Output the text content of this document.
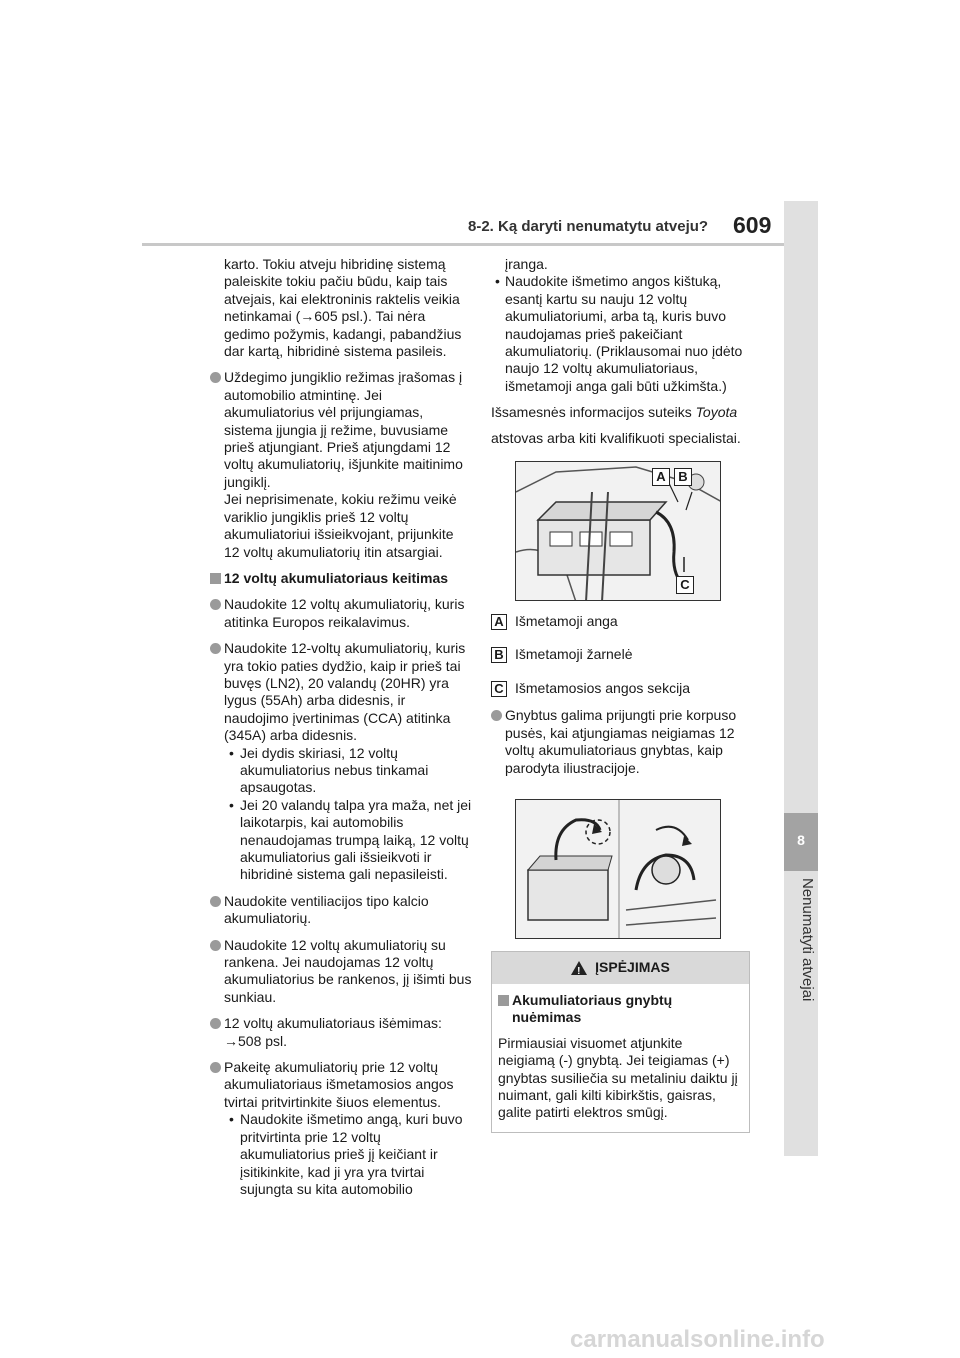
8-2. Ką daryti nenumatytu atveju? 609
8
Nenumatyti atvejai
karto. Tokiu atveju hibridinę sistemą paleiskite tokiu pačiu būdu, kaip tais atvejais, kai elektroninis raktelis veikia netinkamai (→605 psl.). Tai nėra gedimo požymis, kadangi, pabandžius dar kartą, hibridinė sistema pasileis.
Uždegimo jungiklio režimas įrašomas į automobilio atmintinę. Jei akumuliatorius vėl prijungiamas, sistema įjungia jį režime, buvusiame prieš atjungiant. Prieš atjungdami 12 voltų akumuliatorių, išjunkite maitinimo jungiklį.
Jei neprisimenate, kokiu režimu veikė variklio jungiklis prieš 12 voltų akumuliatoriui išsieikvojant, prijunkite 12 voltų akumuliatorių itin atsargiai.
12 voltų akumuliatoriaus keitimas
Naudokite 12 voltų akumuliatorių, kuris atitinka Europos reikalavimus.
Naudokite 12-voltų akumuliatorių, kuris yra tokio paties dydžio, kaip ir prieš tai buvęs (LN2), 20 valandų (20HR) yra lygus (55Ah) arba didesnis, ir naudojimo įvertinimas (CCA) atitinka (345A) arba didesnis.
• Jei dydis skiriasi, 12 voltų akumuliatorius nebus tinkamai apsaugotas.
• Jei 20 valandų talpa yra maža, net jei laikotarpis, kai automobilis nenaudojamas trumpą laiką, 12 voltų akumuliatorius gali išsieikvoti ir hibridinė sistema gali nepasileisti.
Naudokite ventiliacijos tipo kalcio akumuliatorių.
Naudokite 12 voltų akumuliatorių su rankena. Jei naudojamas 12 voltų akumuliatorius be rankenos, jį išimti bus sunkiau.
12 voltų akumuliatoriaus išėmimas: →508 psl.
Pakeitę akumuliatorių prie 12 voltų akumuliatoriaus išmetamosios angos tvirtai pritvirtinkite šiuos elementus.
• Naudokite išmetimo angą, kuri buvo pritvirtinta prie 12 voltų akumuliatorius prieš jį keičiant ir įsitikinkite, kad ji yra yra tvirtai sujungta su kita automobilio
įranga.
• Naudokite išmetimo angos kištuką, esantį kartu su nauju 12 voltų akumuliatoriumi, arba tą, kuris buvo naudojamas prieš pakeičiant akumuliatorių. (Priklausomai nuo įdėto naujo 12 voltų akumuliatoriaus, išmetamoji anga gali būti užkimšta.)
Išsamesnės informacijos suteiks Toyota
atstovas arba kiti kvalifikuoti specialistai.
A B
C
A Išmetamoji anga
B Išmetamoji žarnelė
C Išmetamosios angos sekcija
Gnybtus galima prijungti prie korpuso pusės, kai atjungiamas neigiamas 12 voltų akumuliatoriaus gnybtas, kaip parodyta iliustracijoje.
!
ĮSPĖJIMAS
Akumuliatoriaus gnybtų nuėmimas
Pirmiausiai visuomet atjunkite neigiamą (-) gnybtą. Jei teigiamas (+) gnybtas susiliečia su metaliniu daiktu jį nuimant, gali kilti kibirkštis, gaisras, galite patirti elektros smūgį.
carmanualsonline.info
